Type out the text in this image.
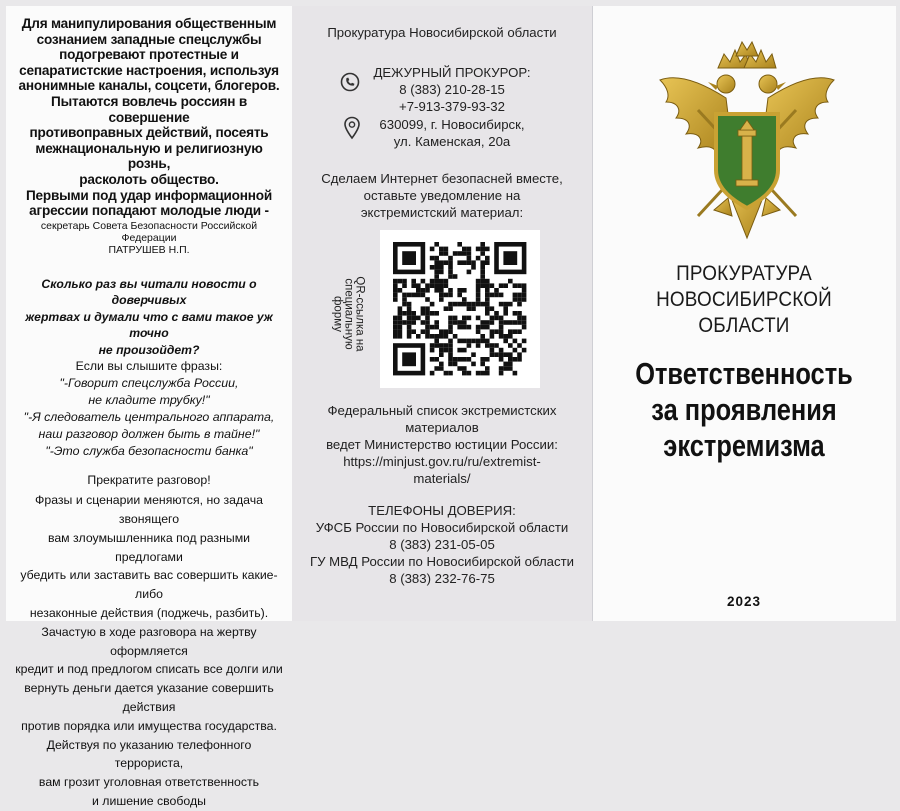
Для манипулирования общественным
сознанием западные спецслужбы
подогревают протестные и
сепаратистские настроения, используя
анонимные каналы, соцсети, блогеров.
Пытаются вовлечь россиян в совершение
противоправных действий, посеять
межнациональную и религиозную рознь,
расколоть общество.
Первыми под удар информационной
агрессии попадают молодые люди -
секретарь Совета Безопасности Российской Федерации
ПАТРУШЕВ Н.П.
Сколько раз вы читали новости о доверчивых
жертвах и думали что с вами такое уж точно
не произойдет?
Если вы слышите фразы:
"-Говорит спецслужба России,
не кладите трубку!"
"-Я следователь центрального аппарата,
наш разговор должен быть в тайне!"
"-Это служба безопасности банка"
Прекратите разговор!
Фразы и сценарии меняются, но задача звонящего
вам злоумышленника под разными предлогами
убедить или заставить вас совершить какие-либо
незаконные действия (поджечь, разбить).
Зачастую в ходе разговора на жертву оформляется
кредит и под предлогом списать все долги или
вернуть деньги дается указание совершить действия
против порядка или имущества государства.
Действуя по указанию телефонного террориста,
вам грозит уголовная ответственность
и лишение свободы
Прокуратура Новосибирской области
ДЕЖУРНЫЙ ПРОКУРОР:
8 (383) 210-28-15
+7-913-379-93-32
630099, г. Новосибирск,
ул. Каменская, 20а
Сделаем Интернет безопасней вместе,
оставьте уведомление на
экстремистский материал:
QR-ссылка на
специальную
форму
Федеральный список экстремистских
материалов
ведет Министерство юстиции России:
https://minjust.gov.ru/ru/extremist-
materials/
ТЕЛЕФОНЫ ДОВЕРИЯ:
УФСБ России по Новосибирской области
8 (383) 231-05-05
ГУ МВД России по Новосибирской области
8 (383) 232-76-75
ПРОКУРАТУРА
НОВОСИБИРСКОЙ ОБЛАСТИ
Ответственность
за проявления
экстремизма
2023
